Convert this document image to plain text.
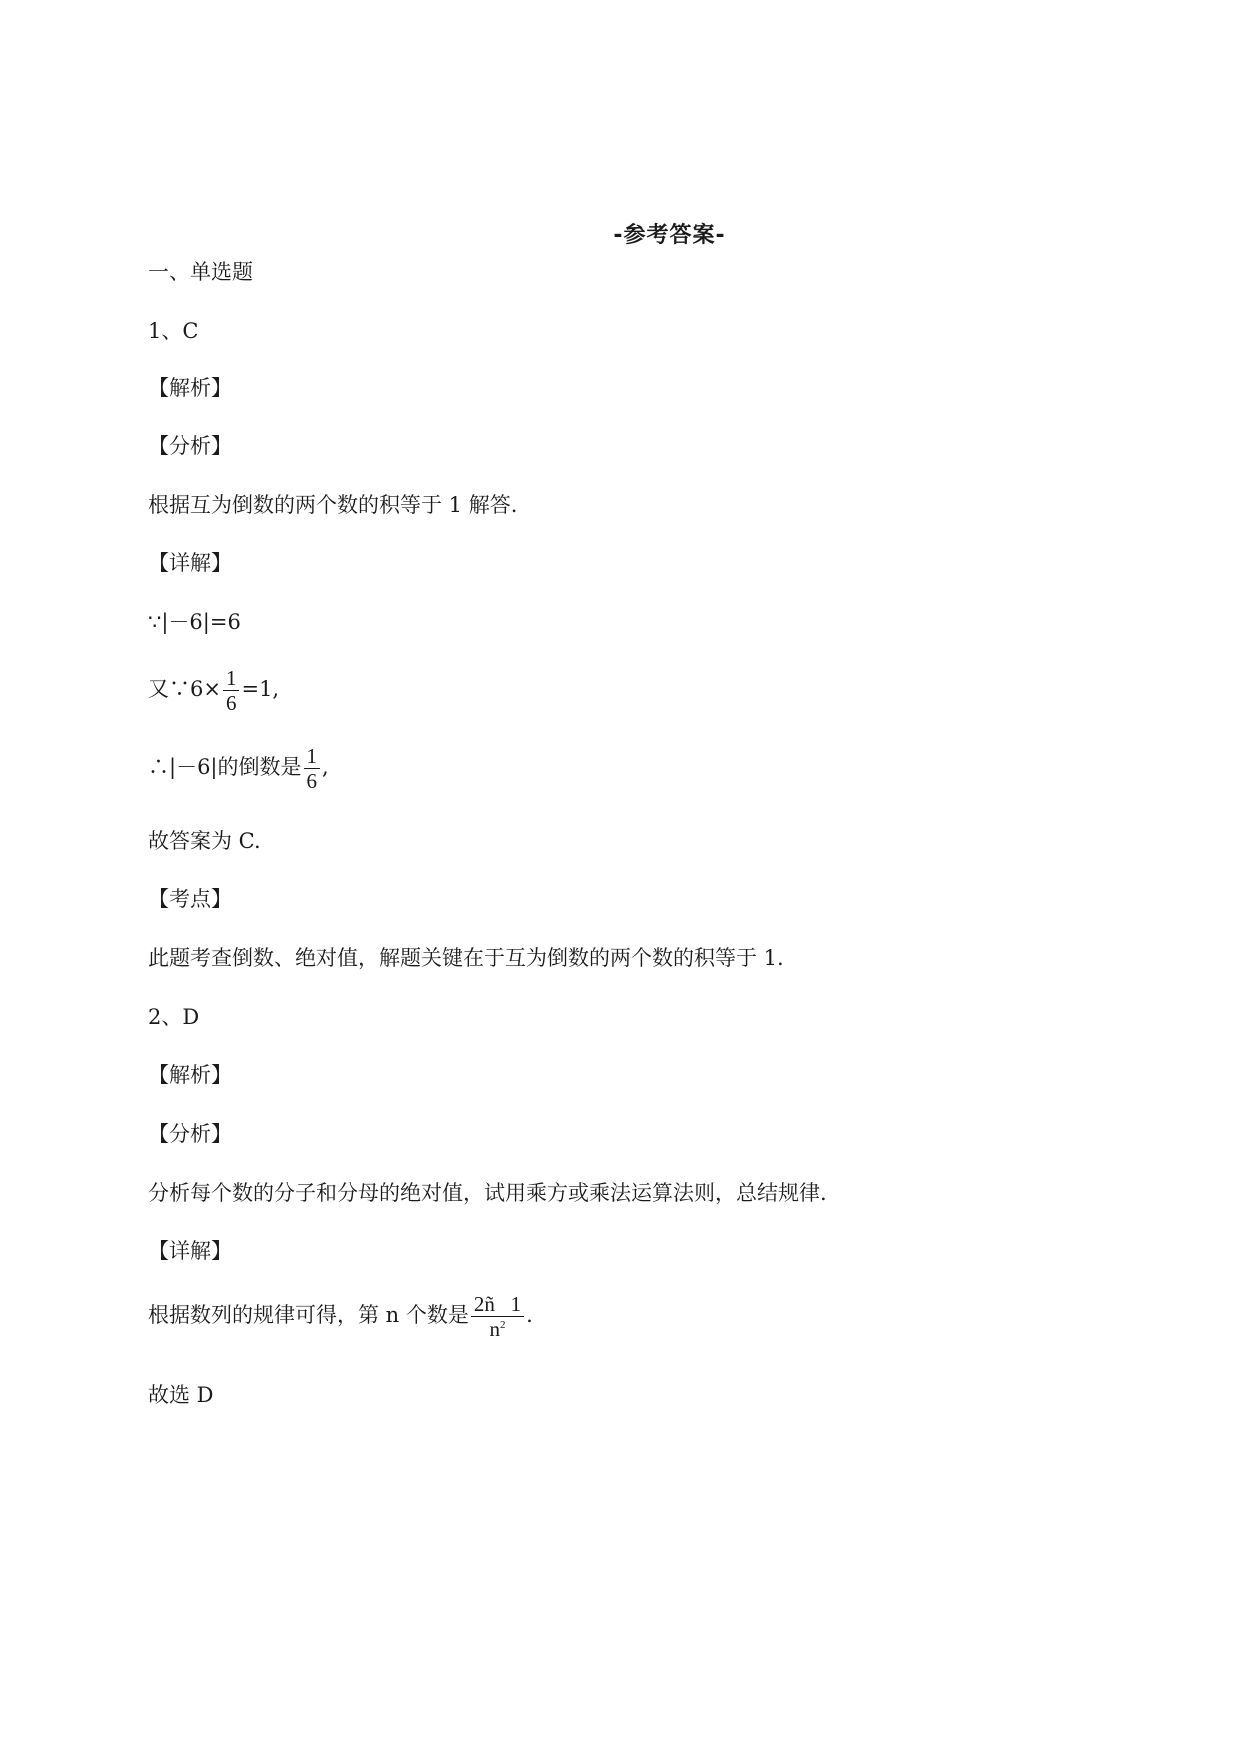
-参考答案-
一、单选题
1、C
【解析】
【分析】
根据互为倒数的两个数的积等于 1 解答.
【详解】
∵|－6|=6
又∵6× $\frac{1}{6} =1$,
∴|－6|的倒数是 $\frac{1}{6}$ ,
故答案为 C.
【考点】
此题考查倒数、绝对值，解题关键在于互为倒数的两个数的积等于 1.
2、D
【解析】
【分析】
分析每个数的分子和分母的绝对值，试用乘方或乘法运算法则，总结规律.
【详解】
根据数列的规律可得，第 n 个数是 $\frac{2ñ 1}{n^2}$ .
故选 D
